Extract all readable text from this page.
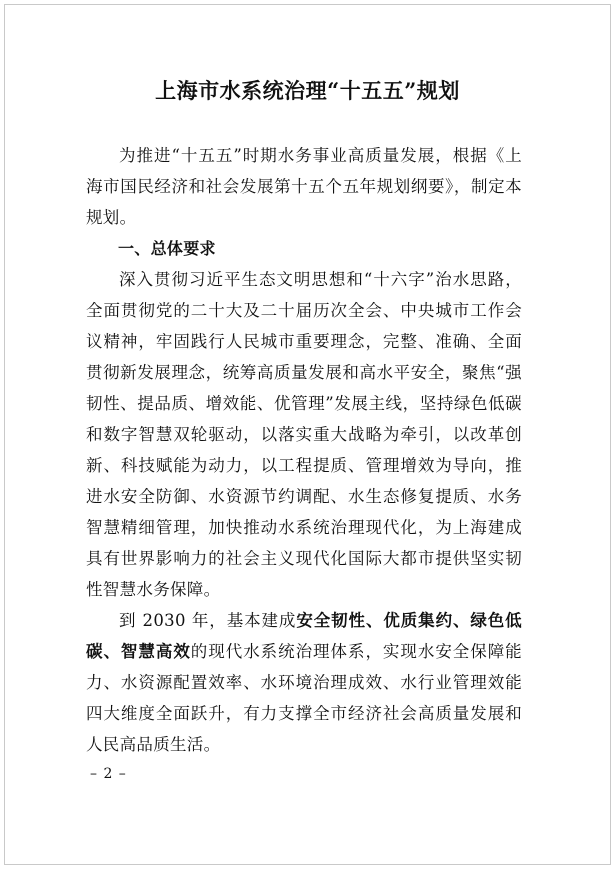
上海市水系统治理“十五五”规划

为推进“十五五”时期水务事业高质量发展，根据《上海市国民经济和社会发展第十五个五年规划纲要》，制定本规划。

一、总体要求

深入贯彻习近平生态文明思想和“十六字”治水思路，全面贯彻党的二十大及二十届历次全会、中央城市工作会议精神，牢固践行人民城市重要理念，完整、准确、全面贯彻新发展理念，统筹高质量发展和高水平安全，聚焦“强韧性、提品质、增效能、优管理”发展主线，坚持绿色低碳和数字智慧双轮驱动，以落实重大战略为牵引，以改革创新、科技赋能为动力，以工程提质、管理增效为导向，推进水安全防御、水资源节约调配、水生态修复提质、水务智慧精细管理，加快推动水系统治理现代化，为上海建成具有世界影响力的社会主义现代化国际大都市提供坚实韧性智慧水务保障。

到 2030 年，基本建成安全韧性、优质集约、绿色低碳、智慧高效的现代水系统治理体系，实现水安全保障能力、水资源配置效率、水环境治理成效、水行业管理效能四大维度全面跃升，有力支撑全市经济社会高质量发展和人民高品质生活。

– 2 –
